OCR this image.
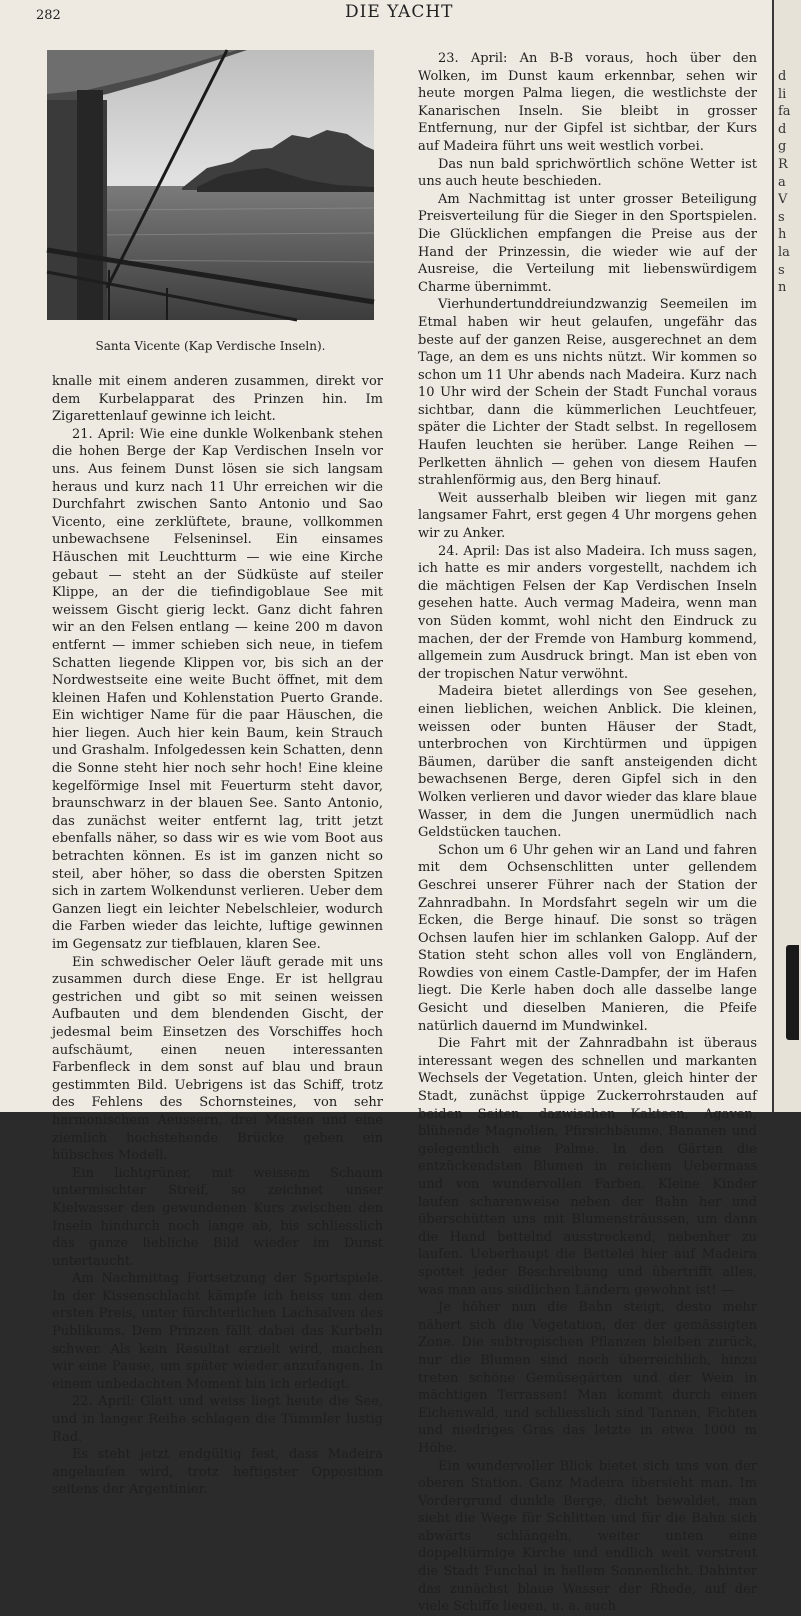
282	DIE YACHT
Santa Vicente (Kap Verdische Inseln).

knalle mit einem anderen zusammen, direkt vor dem Kurbelapparat des Prinzen hin. Im Zigarettenlauf gewinne ich leicht.

21. April: Wie eine dunkle Wolkenbank stehen die hohen Berge der Kap Verdischen Inseln vor uns. Aus feinem Dunst lösen sie sich langsam heraus und kurz nach 11 Uhr erreichen wir die Durchfahrt zwischen Santo Antonio und Sao Vicento, eine zerklüftete, braune, vollkommen unbewachsene Felseninsel. Ein einsames Häuschen mit Leuchtturm — wie eine Kirche gebaut — steht an der Südküste auf steiler Klippe, an der die tiefindigoblaue See mit weissem Gischt gierig leckt. Ganz dicht fahren wir an den Felsen entlang — keine 200 m davon entfernt — immer schieben sich neue, in tiefem Schatten liegende Klippen vor, bis sich an der Nordwestseite eine weite Bucht öffnet, mit dem kleinen Hafen und Kohlenstation Puerto Grande. Ein wichtiger Name für die paar Häuschen, die hier liegen. Auch hier kein Baum, kein Strauch und Grashalm. Infolgedessen kein Schatten, denn die Sonne steht hier noch sehr hoch! Eine kleine kegelförmige Insel mit Feuerturm steht davor, braunschwarz in der blauen See. Santo Antonio, das zunächst weiter entfernt lag, tritt jetzt ebenfalls näher, so dass wir es wie vom Boot aus betrachten können. Es ist im ganzen nicht so steil, aber höher, so dass die obersten Spitzen sich in zartem Wolkendunst verlieren. Ueber dem Ganzen liegt ein leichter Nebelschleier, wodurch die Farben wieder das leichte, luftige gewinnen im Gegensatz zur tiefblauen, klaren See.

Ein schwedischer Oeler läuft gerade mit uns zusammen durch diese Enge. Er ist hellgrau gestrichen und gibt so mit seinen weissen Aufbauten und dem blendenden Gischt, der jedesmal beim Einsetzen des Vorschiffes hoch aufschäumt, einen neuen interessanten Farbenfleck in dem sonst auf blau und braun gestimmten Bild. Uebrigens ist das Schiff, trotz des Fehlens des Schornsteines, von sehr harmonischem Aeussern, drei Masten und eine ziemlich hochstehende Brücke geben ein hübsches Modell.

Ein lichtgrüner, mit weissem Schaum untermischter Streif, so zeichnet unser Kielwasser den gewundenen Kurs zwischen den Inseln hindurch noch lange ab, bis schliesslich das ganze liebliche Bild wieder im Dunst untertaucht.

Am Nachmittag Fortsetzung der Sportspiele. In der Kissenschlacht kämpfe ich heiss um den ersten Preis, unter fürchterlichen Lachsalven des Publikums. Dem Prinzen fällt dabei das Kurbeln schwer. Als kein Resultat erzielt wird, machen wir eine Pause, um später wieder anzufangen. In einem unbedachten Moment bin ich erledigt.

22. April: Glatt und weiss liegt heute die See, und in langer Reihe schlagen die Tümmler lustig Rad.

Es steht jetzt endgültig fest, dass Madeira angelaufen wird, trotz heftigster Opposition seitens der Argentinier.

23. April: An B-B voraus, hoch über den Wolken, im Dunst kaum erkennbar, sehen wir heute morgen Palma liegen, die westlichste der Kanarischen Inseln. Sie bleibt in grosser Entfernung, nur der Gipfel ist sichtbar, der Kurs auf Madeira führt uns weit westlich vorbei.

Das nun bald sprichwörtlich schöne Wetter ist uns auch heute beschieden.

Am Nachmittag ist unter grosser Beteiligung Preisverteilung für die Sieger in den Sportspielen. Die Glücklichen empfangen die Preise aus der Hand der Prinzessin, die wieder wie auf der Ausreise, die Verteilung mit liebenswürdigem Charme übernimmt.

Vierhundertunddreiundzwanzig Seemeilen im Etmal haben wir heut gelaufen, ungefähr das beste auf der ganzen Reise, ausgerechnet an dem Tage, an dem es uns nichts nützt. Wir kommen so schon um 11 Uhr abends nach Madeira. Kurz nach 10 Uhr wird der Schein der Stadt Funchal voraus sichtbar, dann die kümmerlichen Leuchtfeuer, später die Lichter der Stadt selbst. In regellosem Haufen leuchten sie herüber. Lange Reihen — Perlketten ähnlich — gehen von diesem Haufen strahlenförmig aus, den Berg hinauf.

Weit ausserhalb bleiben wir liegen mit ganz langsamer Fahrt, erst gegen 4 Uhr morgens gehen wir zu Anker.

24. April: Das ist also Madeira. Ich muss sagen, ich hatte es mir anders vorgestellt, nachdem ich die mächtigen Felsen der Kap Verdischen Inseln gesehen hatte. Auch vermag Madeira, wenn man von Süden kommt, wohl nicht den Eindruck zu machen, der der Fremde von Hamburg kommend, allgemein zum Ausdruck bringt. Man ist eben von der tropischen Natur verwöhnt.

Madeira bietet allerdings von See gesehen, einen lieblichen, weichen Anblick. Die kleinen, weissen oder bunten Häuser der Stadt, unterbrochen von Kirchtürmen und üppigen Bäumen, darüber die sanft ansteigenden dicht bewachsenen Berge, deren Gipfel sich in den Wolken verlieren und davor wieder das klare blaue Wasser, in dem die Jungen unermüdlich nach Geldstücken tauchen.

Schon um 6 Uhr gehen wir an Land und fahren mit dem Ochsenschlitten unter gellendem Geschrei unserer Führer nach der Station der Zahnradbahn. In Mordsfahrt segeln wir um die Ecken, die Berge hinauf. Die sonst so trägen Ochsen laufen hier im schlanken Galopp. Auf der Station steht schon alles voll von Engländern, Rowdies von einem Castle-Dampfer, der im Hafen liegt. Die Kerle haben doch alle dasselbe lange Gesicht und dieselben Manieren, die Pfeife natürlich dauernd im Mundwinkel.

Die Fahrt mit der Zahnradbahn ist überaus interessant wegen des schnellen und markanten Wechsels der Vegetation. Unten, gleich hinter der Stadt, zunächst üppige Zuckerrohrstauden auf beiden Seiten, dazwischen Kakteen, Agaven, blühende Magnolien, Pfirsichbäume, Bananen und gelegentlich eine Palme. In den Gärten die entzückendsten Blumen in reichem Uebermass und von wundervollen Farben. Kleine Kinder laufen scharenweise neben der Bahn her und überschütten uns mit Blumensträussen, um dann die Hand bettelnd ausstreckend, nebenher zu laufen. Ueberhaupt die Bettelei hier auf Madeira spottet jeder Beschreibung und übertrifft alles, was man aus südlichen Ländern gewohnt ist! —

Je höher nun die Bahn steigt, desto mehr nähert sich die Vegetation, der der gemässigten Zone. Die subtropischen Pflanzen bleiben zurück, nur die Blumen sind noch überreichlich, hinzu treten schöne Gemüsegärten und der Wein in mächtigen Terrassen! Man kommt durch einen Eichenwald, und schliesslich sind Tannen, Fichten und niedriges Gras das letzte in etwa 1000 m Höhe.

Ein wundervoller Blick bietet sich uns von der oberen Station. Ganz Madeira übersieht man. Im Vordergrund dunkle Berge, dicht bewaldet, man sieht die Wege für Schlitten und für die Bahn sich abwärts schlängeln, weiter unten eine doppeltürmige Kirche und endlich weit verstreut die Stadt Funchal in hellem Sonnenlicht. Dahinter das zunächst blaue Wasser der Rhede, auf der viele Schiffe liegen, u. a. auch

d
li
fa
d
g
R
a
V
s
h
la
s
n
